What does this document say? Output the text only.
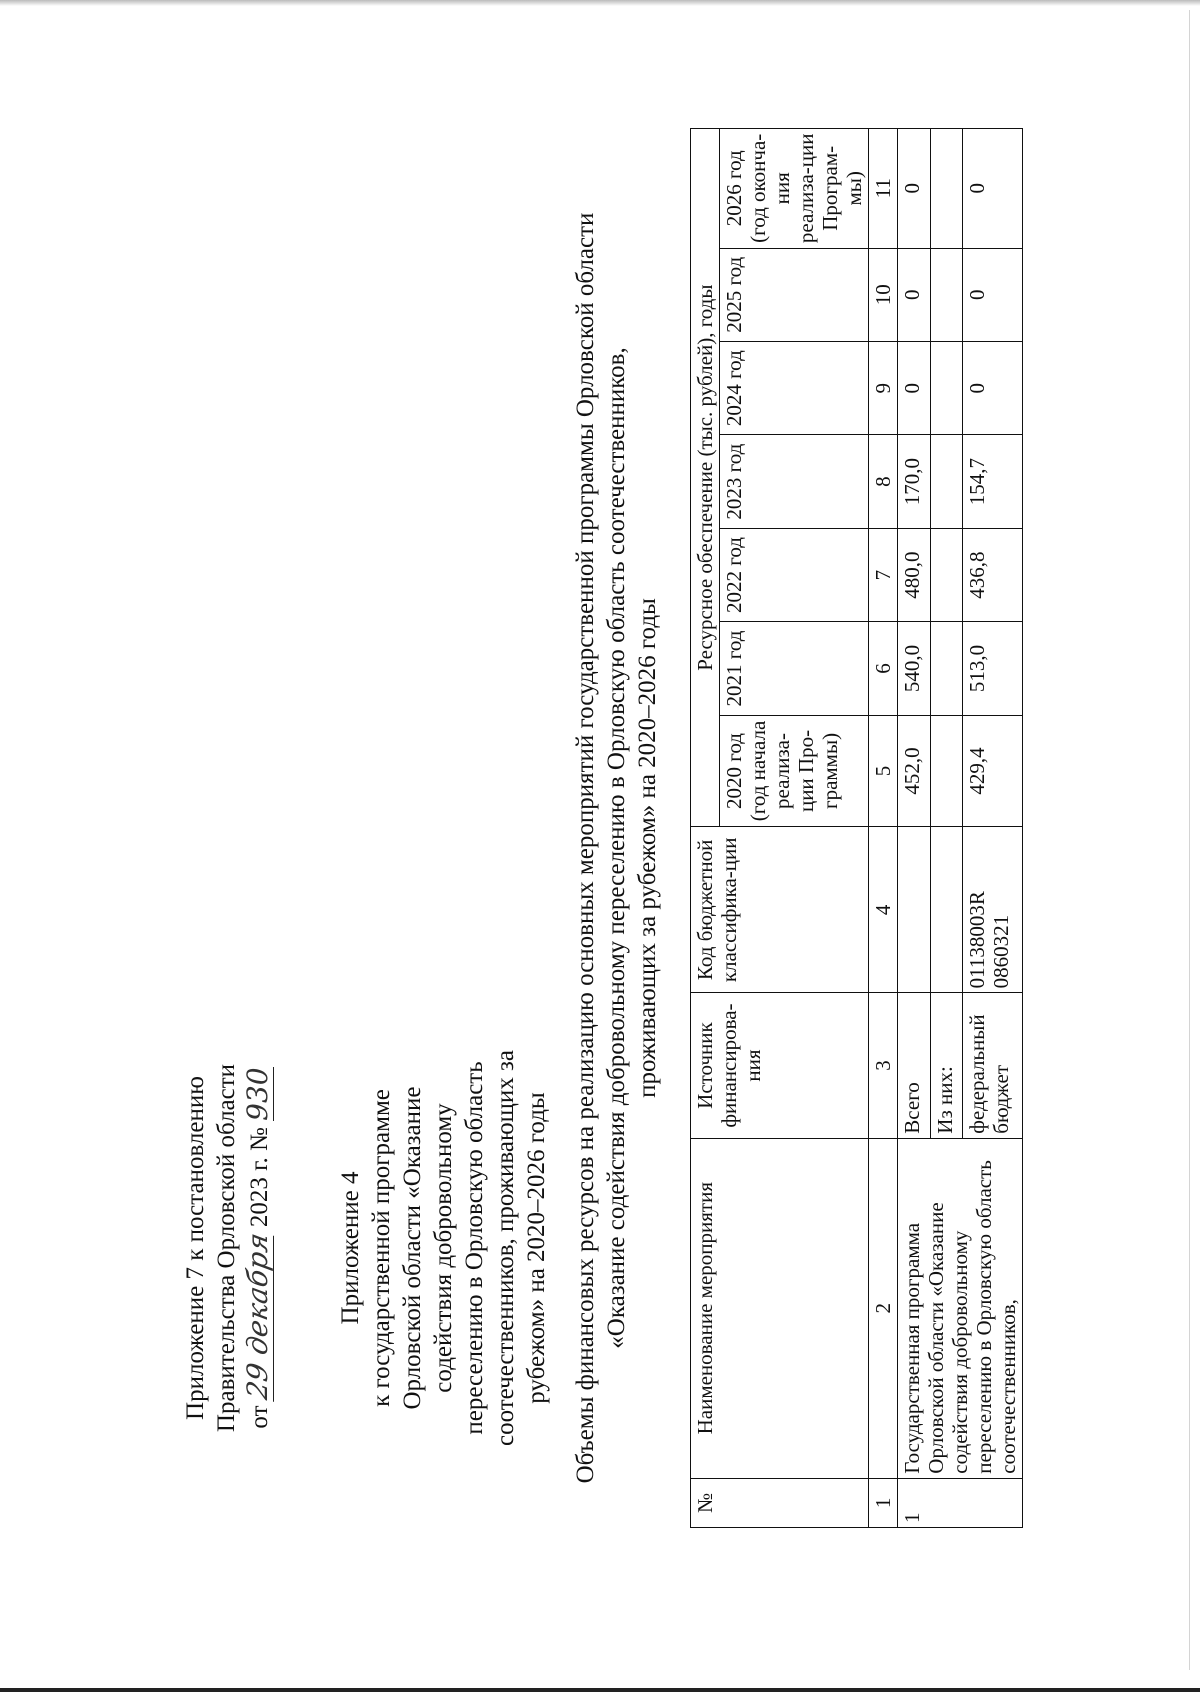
Приложение 7 к постановлению Правительства Орловской области от 29 декабря 2023 г. № 930
Приложение 4 к государственной программе Орловской области «Оказание содействия добровольному переселению в Орловскую область соотечественников, проживающих за рубежом» на 2020–2026 годы Объемы финансовых ресурсов на реализацию основных мероприятий государственной программы Орловской области «Оказание содействия добровольному переселению в Орловскую область соотечественников, проживающих за рубежом» на 2020–2026 годы
№	Наименование мероприятия	Источник финансирова-ния	Код бюджетной классифика-ции	Ресурсное обеспечение (тыс. рублей), годы						
				2020 год (год начала реализа-ции Про-граммы)	2021 год	2022 год	2023 год	2024 год	2025 год	2026 год (год оконча-ния реализа-ции Програм-мы)
1	2	3	4	5	6	7	8	9	10	11
1	Государственная программа Орловской области «Оказание содействия добровольному переселению в Орловскую область соотечественников,	Всего		452,0	540,0	480,0	170,0	0	0	0
		Из них:								
		федеральный бюджет	01138003R 0860321	429,4	513,0	436,8	154,7	0	0	0
